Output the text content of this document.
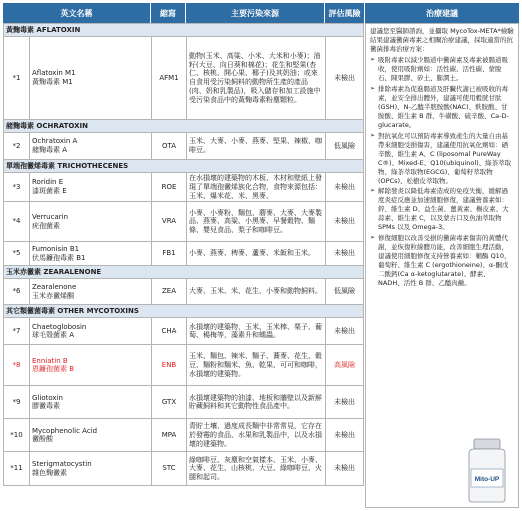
英文名稱	縮寫	主要污染來源	評估風險	治療建議
黃麴毒素 AFLATOXIN				
*1	Aflatoxin M1
黃麴毒素 M1	AFM1	動物(玉米、高粱、小米、大米和小麥)；油籽(大豆、向日葵和棉花)；花生和堅果(杏仁、核桃、開心果、椰子)及其奶油；或來自食用受污染飼料的動物所生產的產品(肉、奶和乳製品)，吸入儲存和加工設施中受污染食品中的黃麴毒素粉塵顆粒。	未檢出
赭麴毒素 OCHRATOXIN				
*2	Ochratoxin A
赭麴毒素 A	OTA	玉米、大麥、小麥、燕麥、堅果、辣椒、咖啡豆。	低風險
單端孢黴烯毒素 TRICHOTHECENES				
*3	Roridin E
漆斑菌素 E	ROE	在水損壞的建築物的木板、木材和壁紙上發現了單端孢黴烯族化合物，食物來源包括：玉米、爆米花、米、黑麥、	未檢出
*4	Verrucarin
疣孢菌素	VRA	小麥、小麥粉、麵包、蘑麥、大麥、大麥製品、燕麥、高粱、小黑麥、早餐穀物、麵條、嬰兒食品、梨子和咖啡豆。	未檢出
*5	Fumonisin B1
伏馬鐮孢毒素 B1	FB1	小麥、燕麥、稗麥、蘆麥、米飯和玉米。	未檢出
玉米赤黴素 ZEARALENONE				
*6	Zearalenone
玉米赤黴烯酮	ZEA	大麥、玉米、米、花生、小麥和動物飼料。	低風險
其它類黴菌毒素 OTHER MYCOTOXINS				
*7	Chaetoglobosin
球毛殼菌素 A	CHA	水損壞的建築物，玉米、玉米棒、栗子、葡萄、楊梅等，藻素升和蠕蟲。	未檢出
*8	Enniatin B
恩鐮孢菌素 B	ENB	玉米、麵包、辣米、麵子、蕎麥、花生、穀豆、麵粉和麵米、魚、乾果、可可和咖啡，水損壞的建築物。	高風險
*9	Gliotoxin
膠黴毒素	GTX	水損壞建築物的油漆、地板和牆壁以及新鮮貯藏飼料和其它動物性食品產中。	未檢出
*10	Mycophenolic Acid
黴酚酸	MPA	青貯土壤、過度成長麵中非常常見，它存在於發霉的食品、水果和乳製品中，以及水損壞的建築物。	未檢出
*11	Sterigmatocystin
雜色麴黴素	STC	綠咖啡豆、灰塵和空氣樣本、玉米、小麥、大麥、花生、山核桃、大豆、綠咖啡豆、火腿和起司。	未檢出

建議您至醫師諮詢，並攝取 MycoTox-META*檢驗結果建議黴菌毒素之相關治療建議，採取適當的抗黴菌排毒治療方案：

➢ 吸附毒素以減少腸道中黴菌素及毒素被腸道吸收，使用吸附劑如：活性碳、活性碳、蒙脫石、陳果膠、矽土、膨潤土。
➢ 排除毒素為促進腸道及肝臟代謝已被吸收的毒素，並安全排出體外，建議可使用穀胱甘肽(GSH)、N-乙醯半胱胺酸(NAC)、麩胺酸、甘胺酸、維生素 B 群、牛磺酸、硫辛酸、Ca-D-glucarate。
➢ 對抗氧化可以預防毒素導致產生的大量自由基帶來細胞受損傷害，建議使用抗氧化劑如：硒辛酸、維生素 A、C (liposomal PureWay C®)、Mixed-E、Q10(ubiquinol)、綠茶萃取物、綠茶萃取物(EGCG)、葡萄籽萃取物(OPCs)、松樹皮萃取物。
➢ 解除發炎以降低毒素造成的免疫失衡，緩解過度炎症反應並加速細胞修復，建議營養素如：鋅、維生素 D、益生菌、薑黃素、槲皮素、大蒜素、維生素 C，以及蒙古口及魚油萃取物 SPMs 以及 Omega-3。
➢ 修復細胞以改善受損的黴菌毒素傷害的黃體代謝，並恢復粒線體功能，改善細胞生理活動，建議使用細胞修復支持營養素如：輔酶 Q10、葡萄籽、維生素 C (ergothioneine)、α-酮戊二酸鈣(Ca α-ketoglutarate)、酵素、NADH、活性 B 群、乙醯肉鹼。
Mito-UP
